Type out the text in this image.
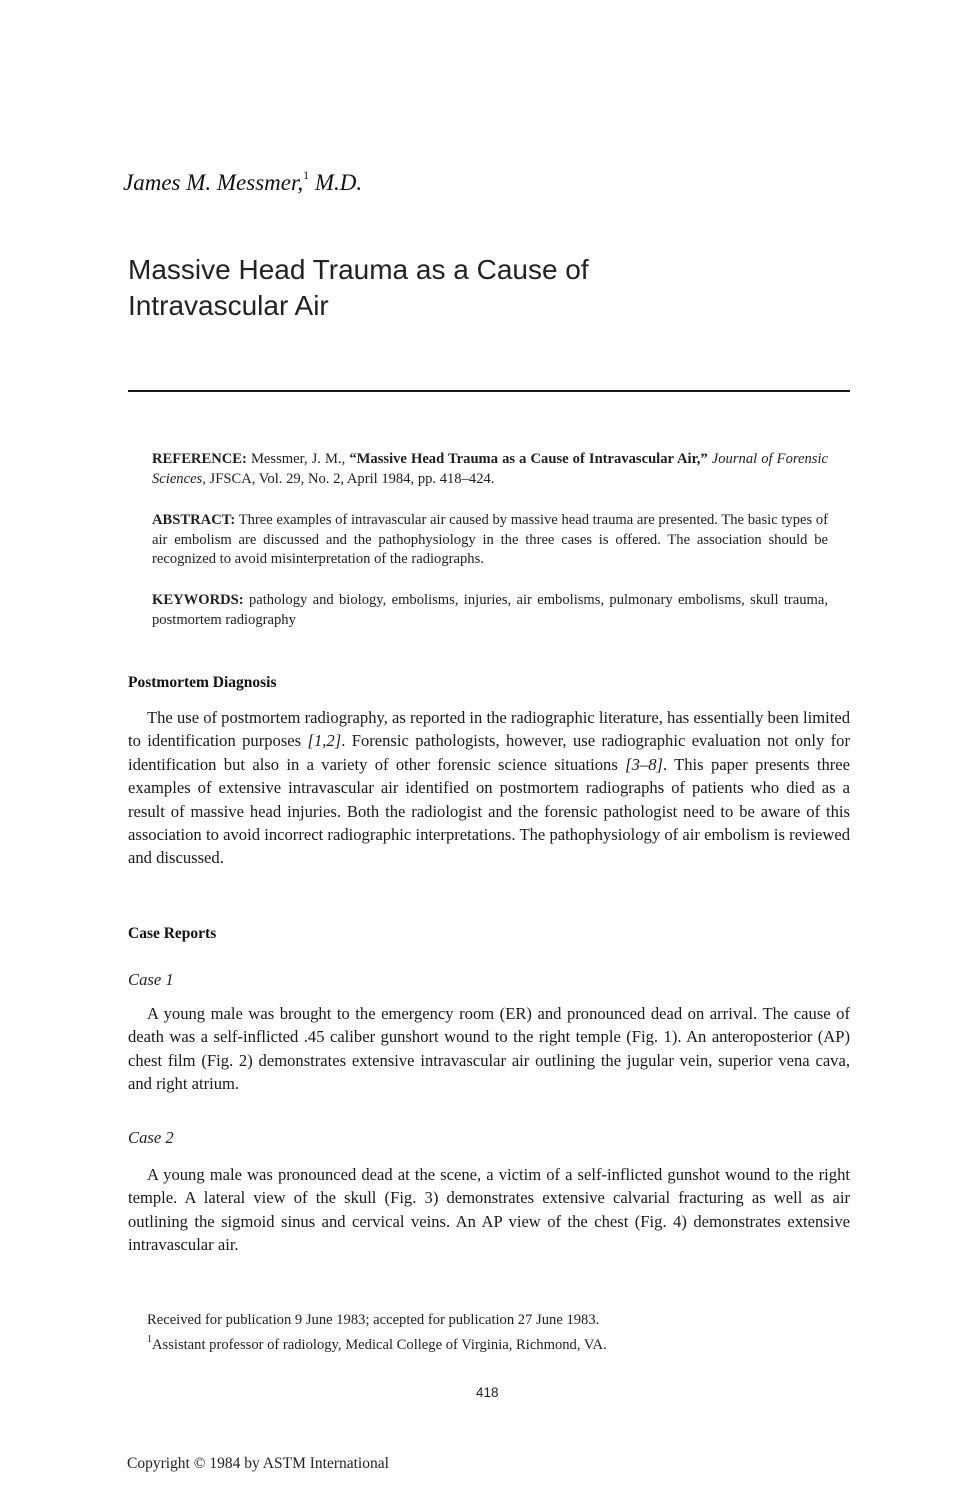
James M. Messmer,$^1$ M.D.
Massive Head Trauma as a Cause of
Intravascular Air
REFERENCE: Messmer, J. M., “Massive Head Trauma as a Cause of Intravascular Air,” Journal of Forensic Sciences, JFSCA, Vol. 29, No. 2, April 1984, pp. 418–424.
ABSTRACT: Three examples of intravascular air caused by massive head trauma are presented. The basic types of air embolism are discussed and the pathophysiology in the three cases is offered. The association should be recognized to avoid misinterpretation of the radiographs.
KEYWORDS: pathology and biology, embolisms, injuries, air embolisms, pulmonary embolisms, skull trauma, postmortem radiography
Postmortem Diagnosis
The use of postmortem radiography, as reported in the radiographic literature, has essentially been limited to identification purposes [1,2]. Forensic pathologists, however, use radiographic evaluation not only for identification but also in a variety of other forensic science situations [3–8]. This paper presents three examples of extensive intravascular air identified on postmortem radiographs of patients who died as a result of massive head injuries. Both the radiologist and the forensic pathologist need to be aware of this association to avoid incorrect radiographic interpretations. The pathophysiology of air embolism is reviewed and discussed.
Case Reports
Case 1
A young male was brought to the emergency room (ER) and pronounced dead on arrival. The cause of death was a self-inflicted .45 caliber gunshort wound to the right temple (Fig. 1). An anteroposterior (AP) chest film (Fig. 2) demonstrates extensive intravascular air outlining the jugular vein, superior vena cava, and right atrium.
Case 2
A young male was pronounced dead at the scene, a victim of a self-inflicted gunshot wound to the right temple. A lateral view of the skull (Fig. 3) demonstrates extensive calvarial fracturing as well as air outlining the sigmoid sinus and cervical veins. An AP view of the chest (Fig. 4) demonstrates extensive intravascular air.
Received for publication 9 June 1983; accepted for publication 27 June 1983.
$^1$Assistant professor of radiology, Medical College of Virginia, Richmond, VA.
418
Copyright © 1984 by ASTM International
